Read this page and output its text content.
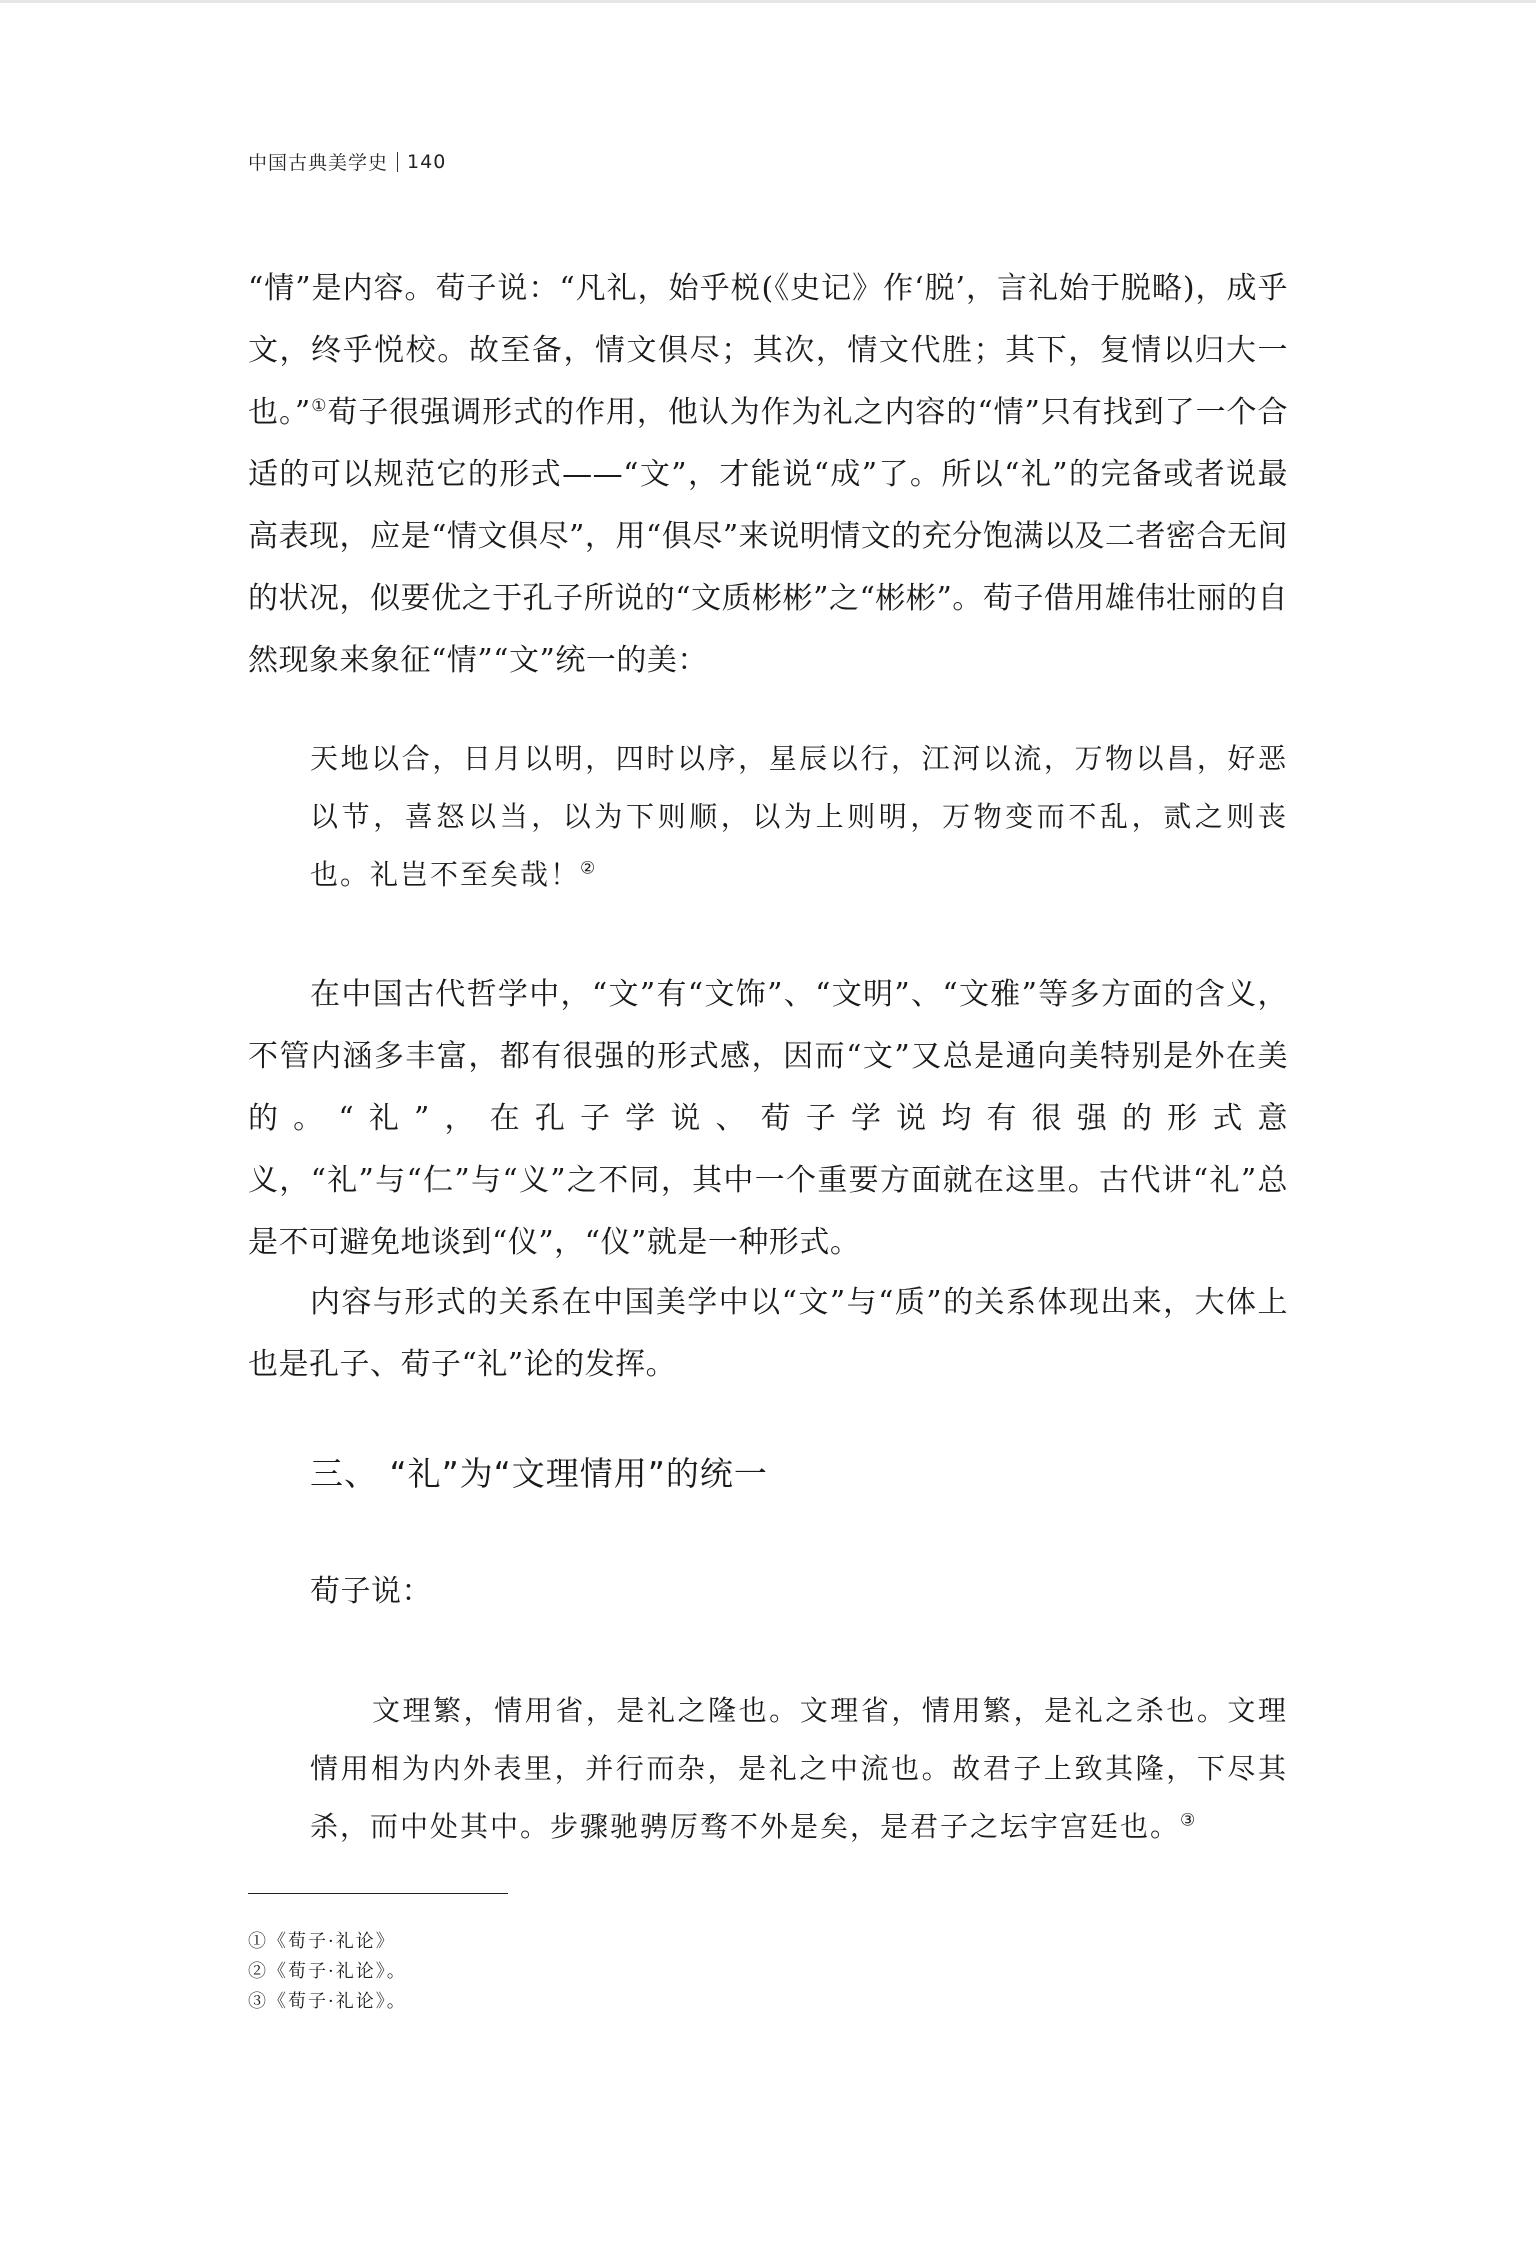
中国古典美学史 140
“情”是内容。荀子说：“凡礼，始乎棁(《史记》作‘脱’，言礼始于脱略)，成乎文，终乎悦校。故至备，情文俱尽；其次，情文代胜；其下，复情以归大一也。”①荀子很强调形式的作用，他认为作为礼之内容的“情”只有找到了一个合适的可以规范它的形式——“文”，才能说“成”了。所以“礼”的完备或者说最高表现，应是“情文俱尽”，用“俱尽”来说明情文的充分饱满以及二者密合无间的状况，似要优之于孔子所说的“文质彬彬”之“彬彬”。荀子借用雄伟壮丽的自然现象来象征“情”“文”统一的美：
天地以合，日月以明，四时以序，星辰以行，江河以流，万物以昌，好恶以节，喜怒以当，以为下则顺，以为上则明，万物变而不乱，贰之则丧也。礼岂不至矣哉！②
在中国古代哲学中，“文”有“文饰”、“文明”、“文雅”等多方面的含义，不管内涵多丰富，都有很强的形式感，因而“文”又总是通向美特别是外在美的。“礼”，在孔子学说、荀子学说均有很强的形式意义，“礼”与“仁”与“义”之不同，其中一个重要方面就在这里。古代讲“礼”总是不可避免地谈到“仪”，“仪”就是一种形式。
内容与形式的关系在中国美学中以“文”与“质”的关系体现出来，大体上也是孔子、荀子“礼”论的发挥。
三、 “礼”为“文理情用”的统一
荀子说：
文理繁，情用省，是礼之隆也。文理省，情用繁，是礼之杀也。文理情用相为内外表里，并行而杂，是礼之中流也。故君子上致其隆，下尽其杀，而中处其中。步骤驰骋厉骛不外是矣，是君子之坛宇宫廷也。③
①《荀子·礼论》
②《荀子·礼论》。
③《荀子·礼论》。
